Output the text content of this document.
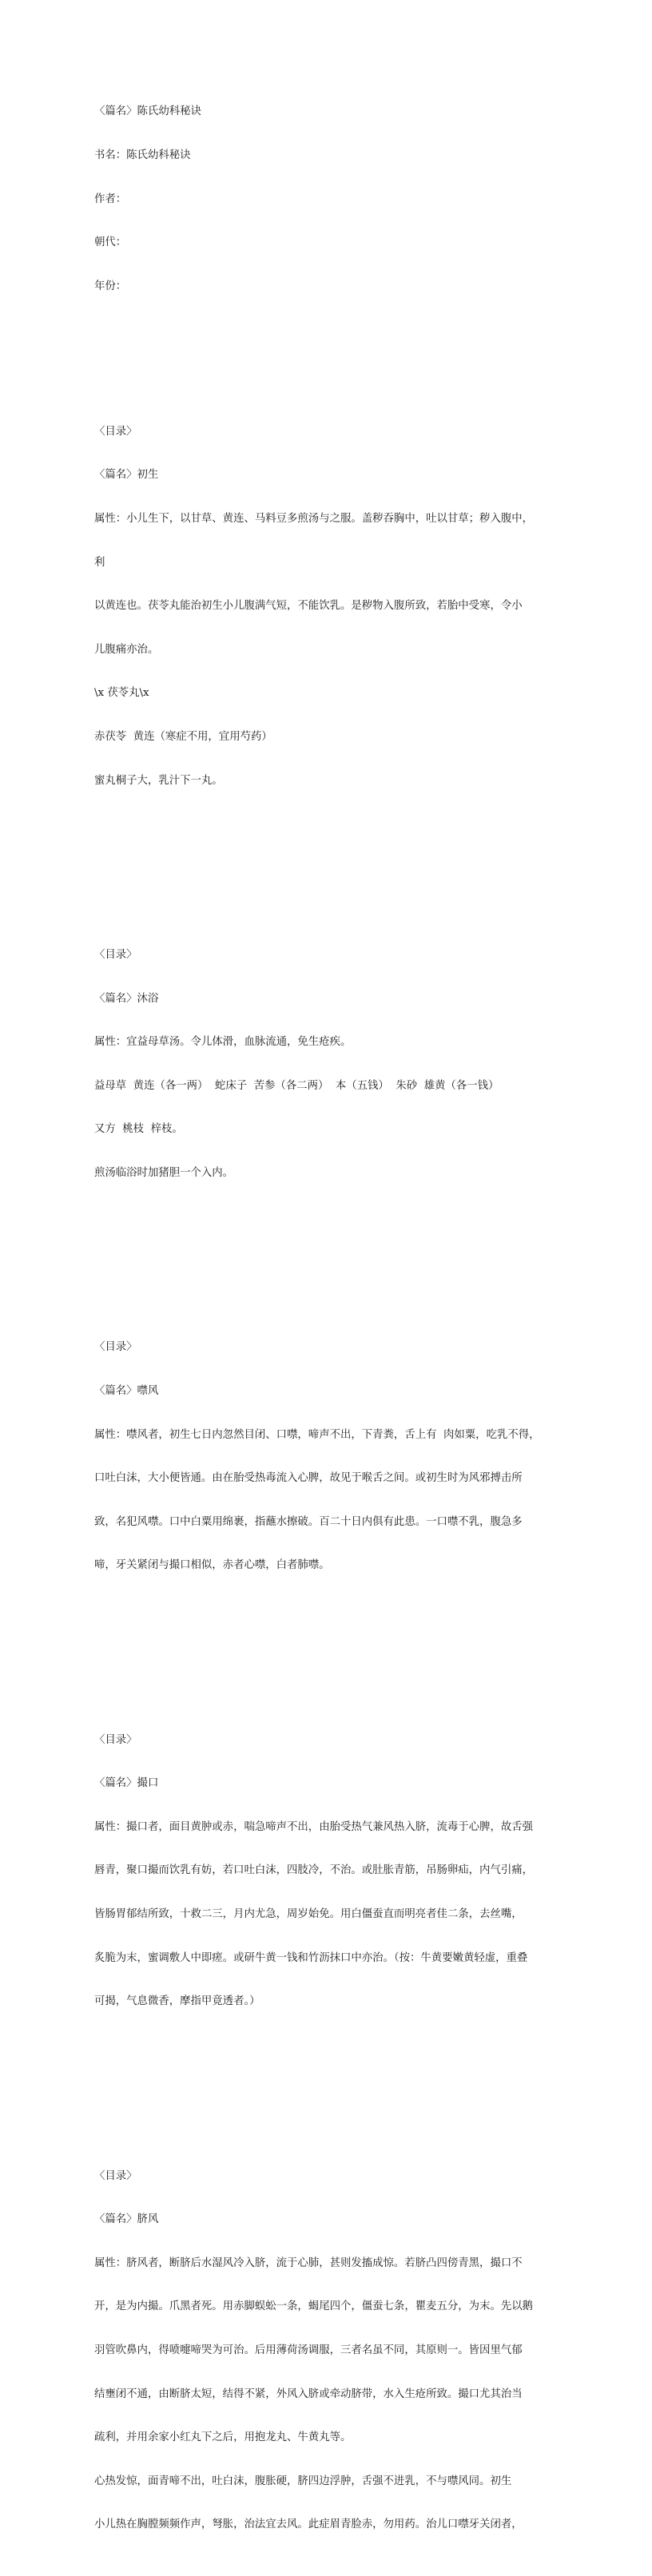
〈篇名〉陈氏幼科秘诀

书名：陈氏幼科秘诀

作者：

朝代：

年份：

〈目录〉

〈篇名〉初生

属性：小儿生下，以甘草、黄连、马料豆多煎汤与之服。盖秽吞胸中，吐以甘草；秽入腹中，

利

以黄连也。茯苓丸能治初生小儿腹满气短，不能饮乳。是秽物入腹所致，若胎中受寒，令小

儿腹痛亦治。

\x 茯苓丸\x

赤茯苓  黄连（寒症不用，宜用芍药）

蜜丸桐子大，乳汁下一丸。

〈目录〉

〈篇名〉沐浴

属性：宜益母草汤。令儿体滑，血脉流通，免生疮疾。

益母草  黄连（各一两）  蛇床子  苦参（各二两）  本（五钱）  朱砂  雄黄（各一钱）

又方  桃枝  梓枝。

煎汤临浴时加猪胆一个入内。

〈目录〉

〈篇名〉噤风

属性：噤风者，初生七日内忽然目闭、口噤，啼声不出，下青粪，舌上有  肉如粟，吃乳不得，

口吐白沫，大小便皆通。由在胎受热毒流入心脾，故见于喉舌之间。或初生时为风邪搏击所

致，名犯风噤。口中白粟用绵裹，指蘸水擦破。百二十日内俱有此患。一口噤不乳，腹急多

啼，牙关紧闭与撮口相似，赤者心噤，白者肺噤。

〈目录〉

〈篇名〉撮口

属性：撮口者，面目黄肿或赤，喘急啼声不出，由胎受热气兼风热入脐，流毒于心脾，故舌强

唇青，聚口撮而饮乳有妨，若口吐白沫，四肢冷，不治。或肚胀青筋，吊肠卵疝，内气引痛，

皆肠胃郁结所致，十救二三，月内尤急，周岁始免。用白僵蚕直而明亮者佳二条，去丝嘴，

炙脆为末，蜜调敷人中即瘥。或研牛黄一钱和竹沥抹口中亦治。（按：牛黄要嫩黄轻虚，重叠

可揭，气息微香，摩指甲竟透者。）

〈目录〉

〈篇名〉脐风

属性：脐风者，断脐后水湿风冷入脐，流于心肺，甚则发搐成惊。若脐凸四傍青黑，撮口不

开，是为内撮。爪黑者死。用赤脚蜈蚣一条，蝎尾四个，僵蚕七条，瞿麦五分，为末。先以鹅

羽管吹鼻内，得喷嚏啼哭为可治。后用薄荷汤调服，三者名虽不同，其原则一。皆因里气郁

结壅闭不通，由断脐太短，结得不紧，外风入脐或牵动脐带，水入生疮所致。撮口尤其治当

疏利，并用余家小红丸下之后，用抱龙丸、牛黄丸等。

心热发惊，面青啼不出，吐白沫，腹胀硬，脐四边浮肿，舌强不进乳，不与噤风同。初生

小儿热在胸膛频频作声，弩胀，治法宜去风。此症眉青脸赤，勿用药。治儿口噤牙关闭者，
